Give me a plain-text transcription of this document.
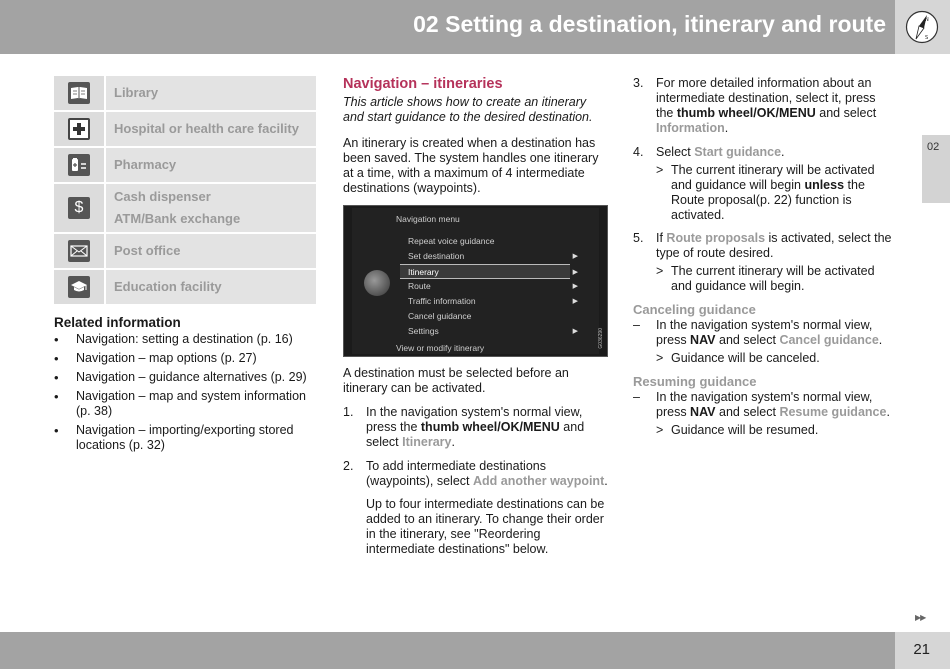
02 Setting a destination, itinerary and route	N
S
02
Library
Hospital or health care facility
Pharmacy
$
Cash dispenser
ATM/Bank exchange
Post office
Education facility
Related information
• Navigation: setting a destination (p. 16)
• Navigation – map options (p. 27)
• Navigation – guidance alternatives (p. 29)
• Navigation – map and system information (p. 38)
• Navigation – importing/exporting stored locations (p. 32)
Navigation – itineraries
This article shows how to create an itinerary and start guidance to the desired destination.
An itinerary is created when a destination has been saved. The system handles one itinerary at a time, with a maximum of 4 intermediate destinations (waypoints).
Navigation menu
Repeat voice guidance
Set destination	▶
Itinerary	▶
Route	▶
Traffic information	▶
Cancel guidance
Settings	▶
View or modify itinerary	G036290
A destination must be selected before an itinerary can be activated.
1. In the navigation system's normal view, press the thumb wheel/OK/MENU and select Itinerary.
2. To add intermediate destinations (waypoints), select Add another waypoint.
Up to four intermediate destinations can be added to an itinerary. To change their order in the itinerary, see "Reordering intermediate destinations" below.
3. For more detailed information about an intermediate destination, select it, press the thumb wheel/OK/MENU and select Information.
4. Select Start guidance.
> The current itinerary will be activated and guidance will begin unless the Route proposal(p. 22) function is activated.
5. If Route proposals is activated, select the type of route desired.
> The current itinerary will be activated and guidance will begin.
Canceling guidance
– In the navigation system's normal view, press NAV and select Cancel guidance.
> Guidance will be canceled.
Resuming guidance
– In the navigation system's normal view, press NAV and select Resume guidance.
> Guidance will be resumed.
▶▶
21
